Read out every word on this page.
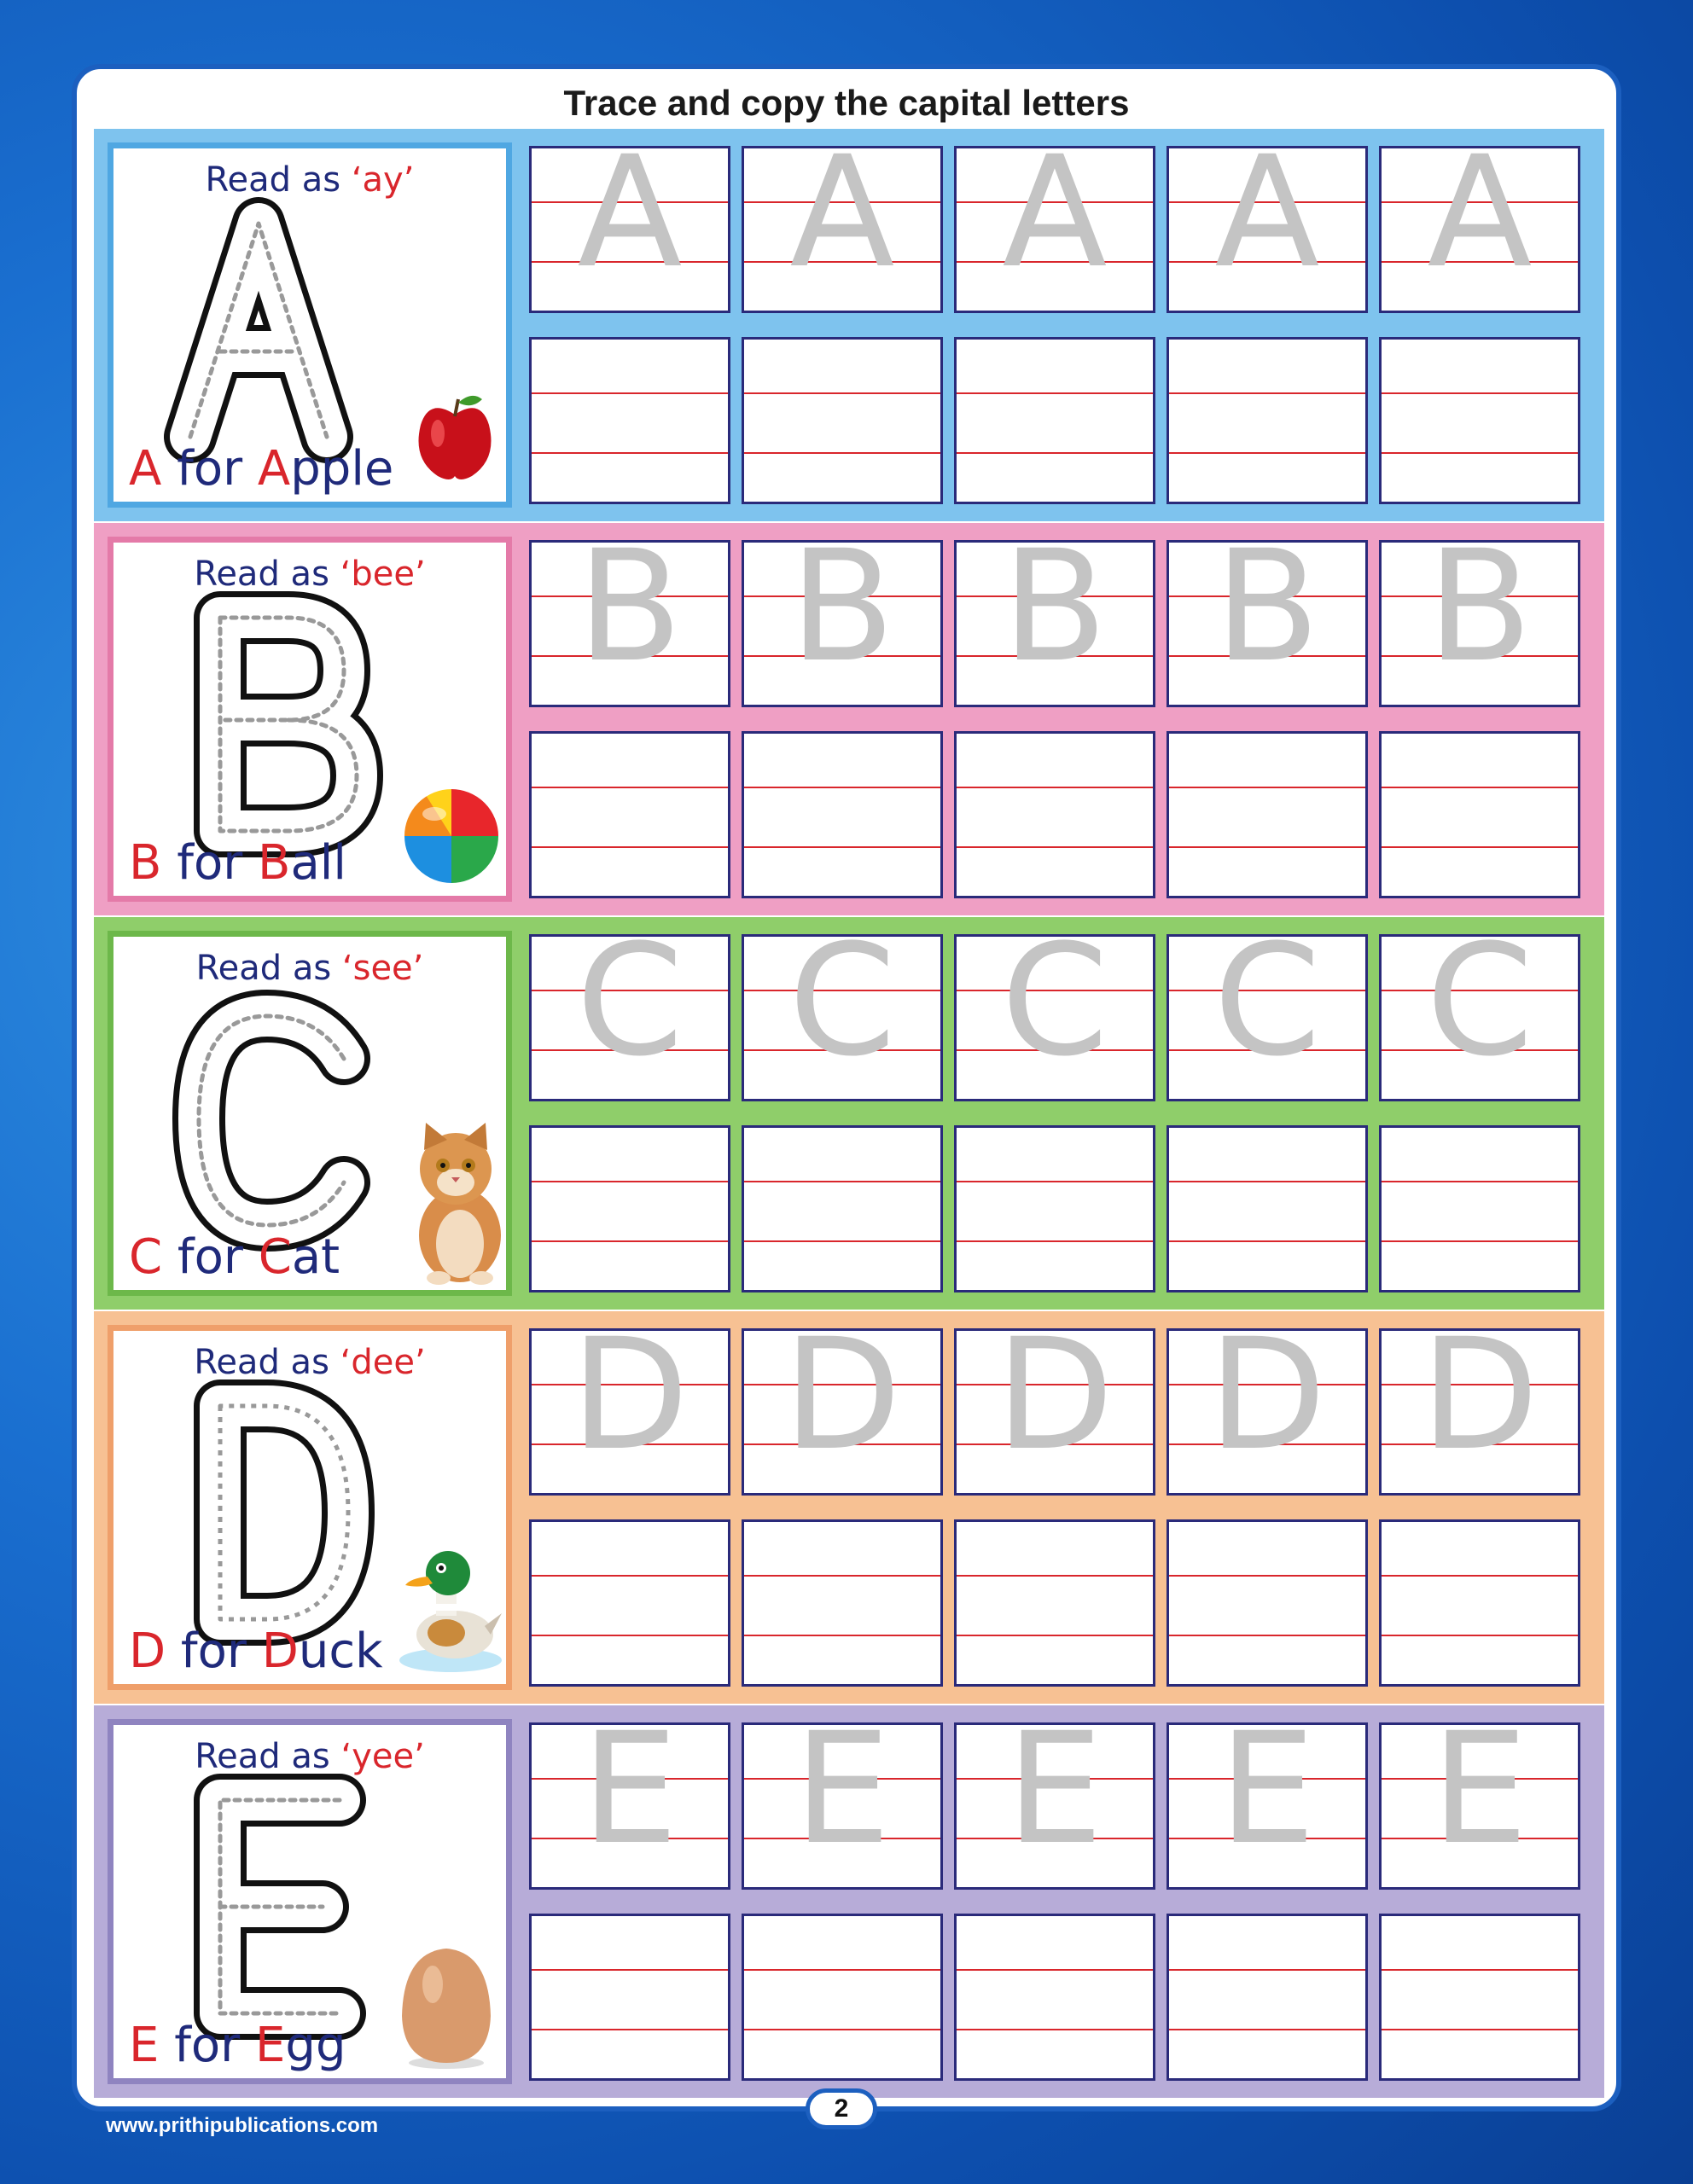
Trace and copy the capital letters
Read as ‘ay’
A for Apple
A A A A A
Read as ‘bee’
B for Ball
B B B B B
Read as ‘see’
C for Cat
C C C C C
Read as ‘dee’
D for Duck
D D D D D
Read as ‘yee’
E for Egg
E E E E E
2
www.prithipublications.com
